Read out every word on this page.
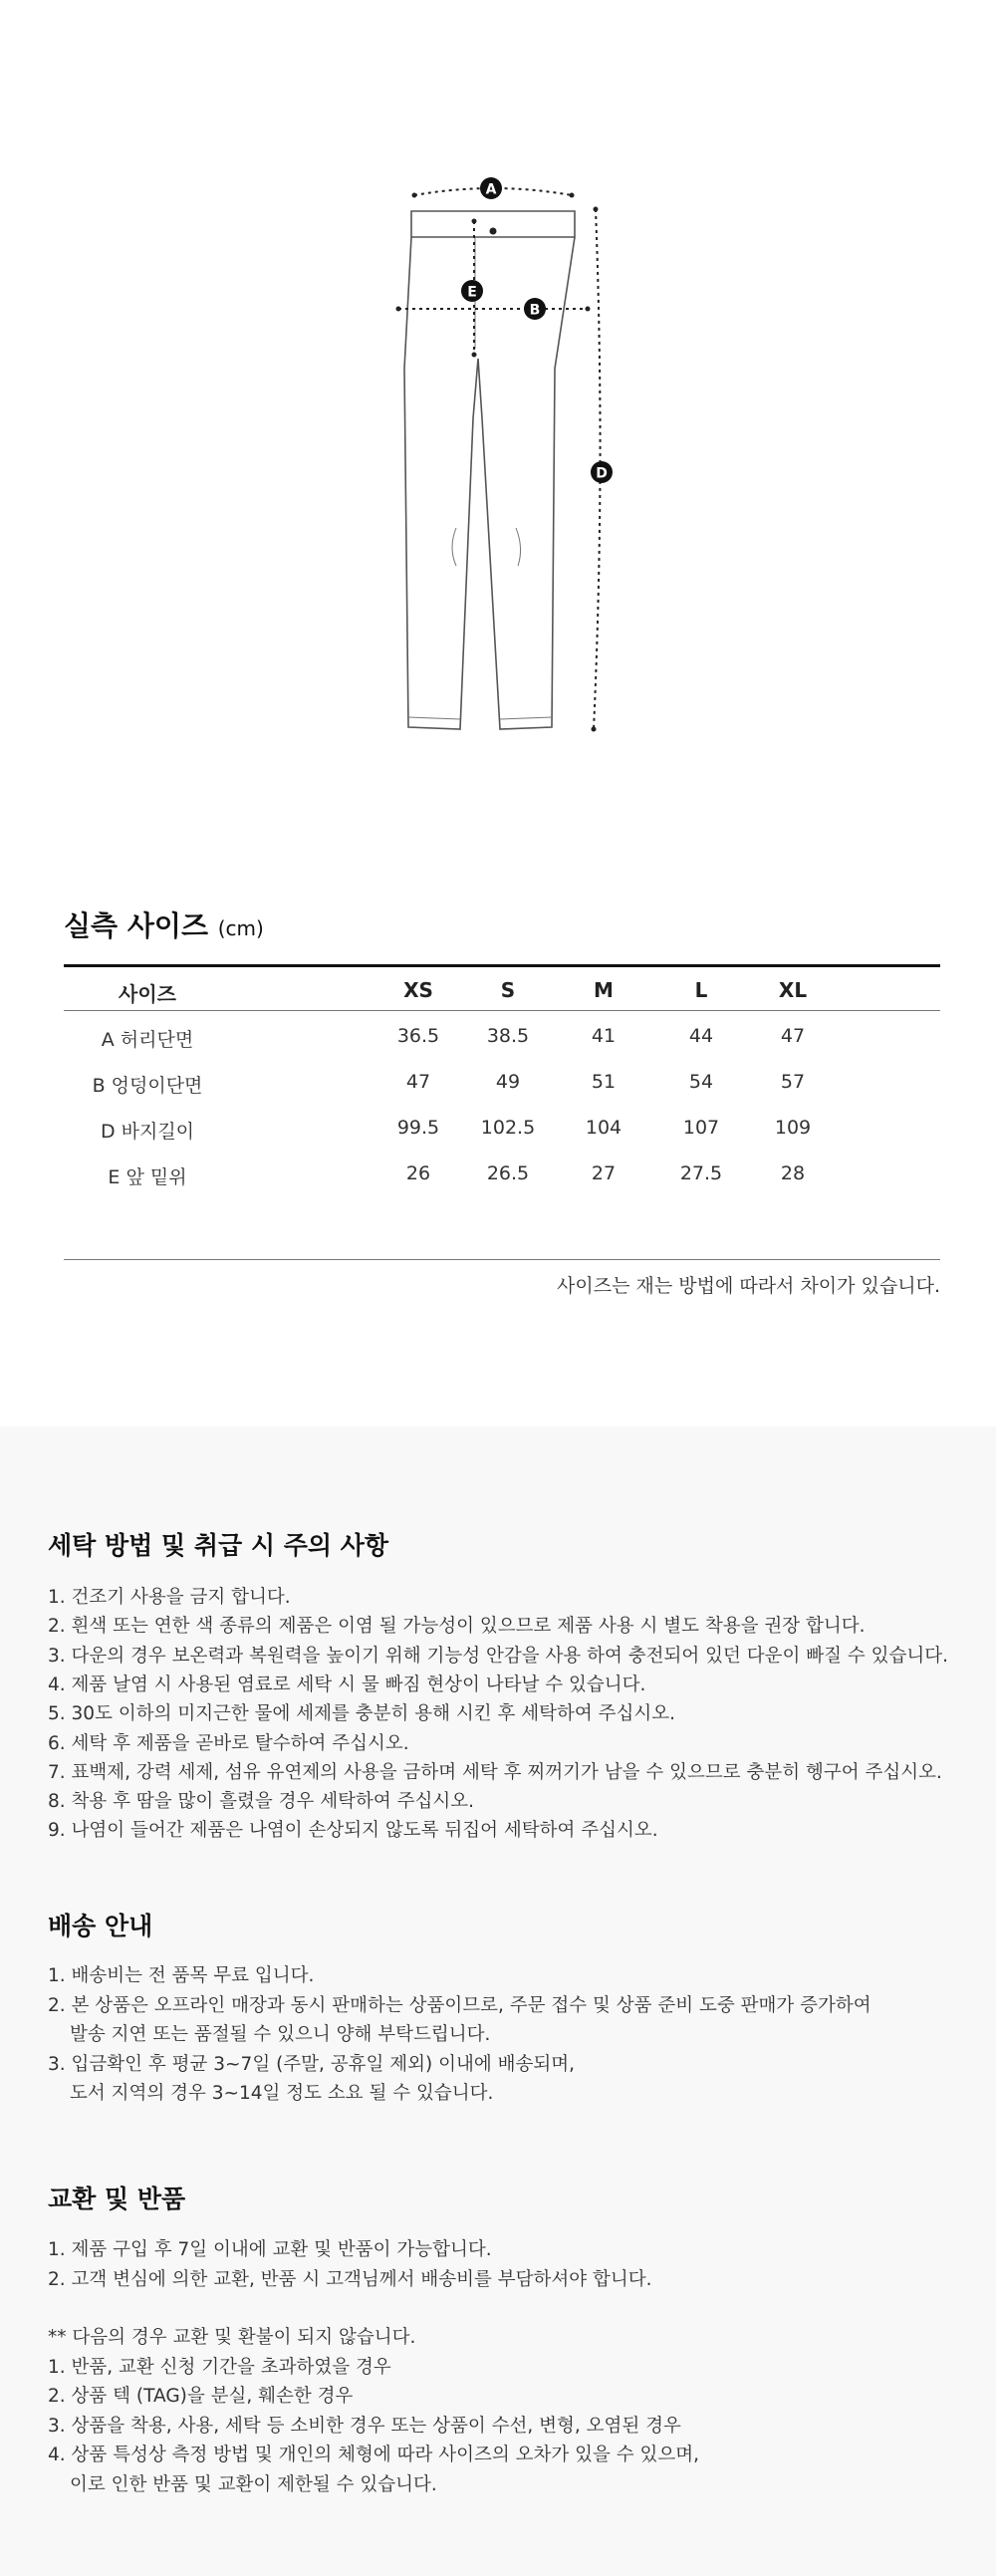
A
B
E
D
실측 사이즈 (cm)
사이즈	XS	S	M	L	XL
A 허리단면	36.5	38.5	41	44	47
B 엉덩이단면	47	49	51	54	57
D 바지길이	99.5	102.5	104	107	109
E 앞 밑위	26	26.5	27	27.5	28
사이즈는 재는 방법에 따라서 차이가 있습니다.
세탁 방법 및 취급 시 주의 사항
1. 건조기 사용을 금지 합니다.
2. 흰색 또는 연한 색 종류의 제품은 이염 될 가능성이 있으므로 제품 사용 시 별도 착용을 권장 합니다.
3. 다운의 경우 보온력과 복원력을 높이기 위해 기능성 안감을 사용 하여 충전되어 있던 다운이 빠질 수 있습니다.
4. 제품 날염 시 사용된 염료로 세탁 시 물 빠짐 현상이 나타날 수 있습니다.
5. 30도 이하의 미지근한 물에 세제를 충분히 용해 시킨 후 세탁하여 주십시오.
6. 세탁 후 제품을 곧바로 탈수하여 주십시오.
7. 표백제, 강력 세제, 섬유 유연제의 사용을 금하며 세탁 후 찌꺼기가 남을 수 있으므로 충분히 헹구어 주십시오.
8. 착용 후 땀을 많이 흘렸을 경우 세탁하여 주십시오.
9. 나염이 들어간 제품은 나염이 손상되지 않도록 뒤집어 세탁하여 주십시오.
배송 안내
1. 배송비는 전 품목 무료 입니다.
2. 본 상품은 오프라인 매장과 동시 판매하는 상품이므로, 주문 접수 및 상품 준비 도중 판매가 증가하여
발송 지연 또는 품절될 수 있으니 양해 부탁드립니다.
3. 입금확인 후 평균 3~7일 (주말, 공휴일 제외) 이내에 배송되며,
도서 지역의 경우 3~14일 정도 소요 될 수 있습니다.
교환 및 반품
1. 제품 구입 후 7일 이내에 교환 및 반품이 가능합니다.
2. 고객 변심에 의한 교환, 반품 시 고객님께서 배송비를 부담하셔야 합니다.
** 다음의 경우 교환 및 환불이 되지 않습니다.
1. 반품, 교환 신청 기간을 초과하였을 경우
2. 상품 텍 (TAG)을 분실, 훼손한 경우
3. 상품을 착용, 사용, 세탁 등 소비한 경우 또는 상품이 수선, 변형, 오염된 경우
4. 상품 특성상 측정 방법 및 개인의 체형에 따라 사이즈의 오차가 있을 수 있으며,
이로 인한 반품 및 교환이 제한될 수 있습니다.
